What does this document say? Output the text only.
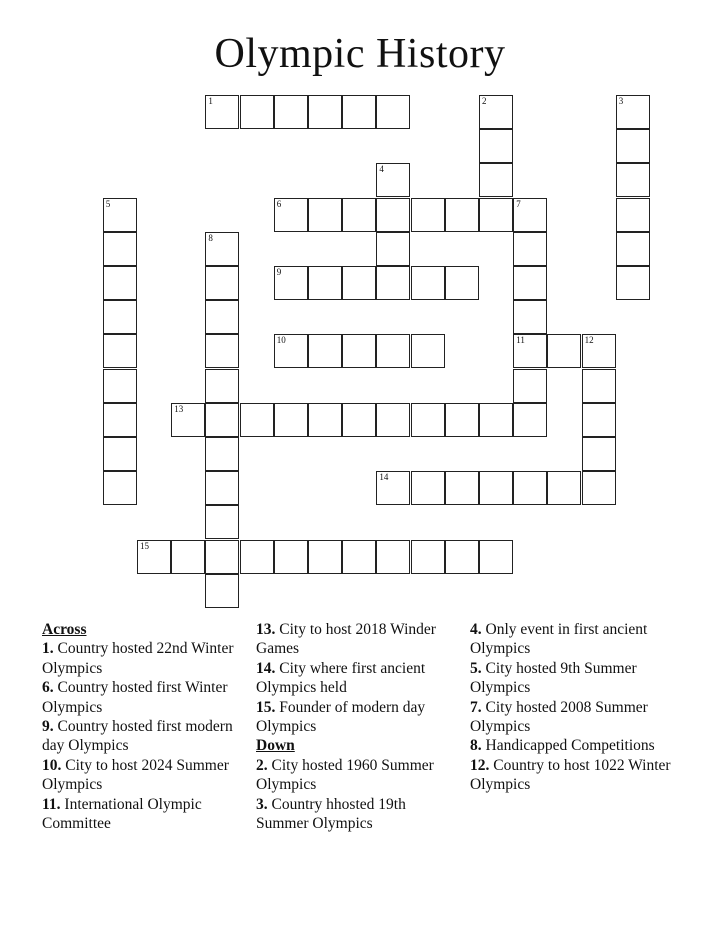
Olympic History
1	2	3
4
5	6	7
11
8
9
10	12
13
14
15
Across
1. Country hosted 22nd Winter Olympics
6. Country hosted first Winter Olympics
9. Country hosted first modern day Olympics
10. City to host 2024 Summer Olympics
11. International Olympic Committee
13. City to host 2018 Winder Games
14. City where first ancient Olympics held
15. Founder of modern day Olympics
Down
2. City hosted 1960 Summer Olympics
3. Country hhosted 19th Summer Olympics
4. Only event in first ancient Olympics
5. City hosted 9th Summer Olympics
7. City hosted 2008 Summer Olympics
8. Handicapped Competitions
12. Country to host 1022 Winter Olympics
